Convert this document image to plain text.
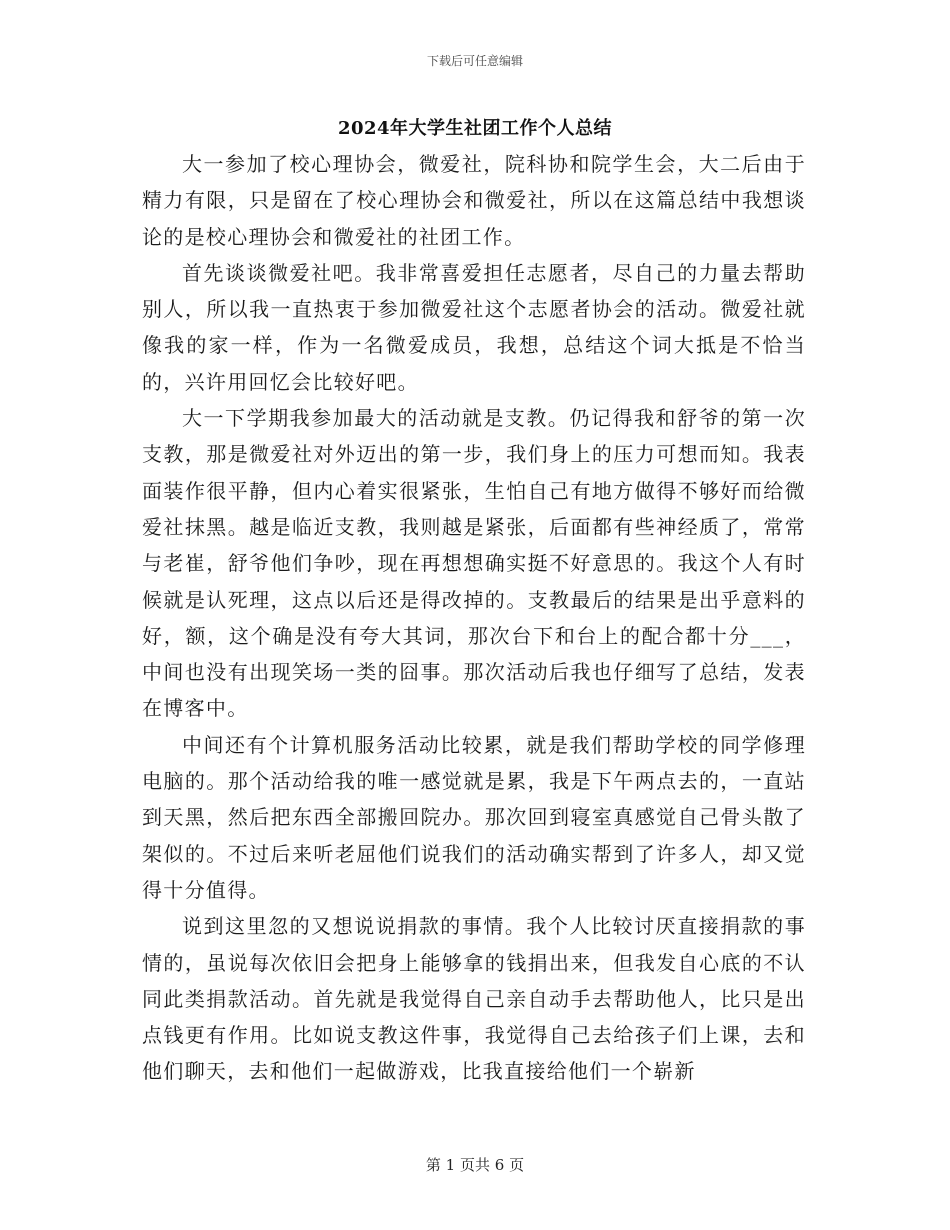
下载后可任意编辑
2024年大学生社团工作个人总结

大一参加了校心理协会，微爱社，院科协和院学生会，大二后由于精力有限，只是留在了校心理协会和微爱社，所以在这篇总结中我想谈论的是校心理协会和微爱社的社团工作。

首先谈谈微爱社吧。我非常喜爱担任志愿者，尽自己的力量去帮助别人，所以我一直热衷于参加微爱社这个志愿者协会的活动。微爱社就像我的家一样，作为一名微爱成员，我想，总结这个词大抵是不恰当的，兴许用回忆会比较好吧。

大一下学期我参加最大的活动就是支教。仍记得我和舒爷的第一次支教，那是微爱社对外迈出的第一步，我们身上的压力可想而知。我表面装作很平静，但内心着实很紧张，生怕自己有地方做得不够好而给微爱社抹黑。越是临近支教，我则越是紧张，后面都有些神经质了，常常与老崔，舒爷他们争吵，现在再想想确实挺不好意思的。我这个人有时候就是认死理，这点以后还是得改掉的。支教最后的结果是出乎意料的好，额，这个确是没有夸大其词，那次台下和台上的配合都十分___，中间也没有出现笑场一类的囧事。那次活动后我也仔细写了总结，发表在博客中。

中间还有个计算机服务活动比较累，就是我们帮助学校的同学修理电脑的。那个活动给我的唯一感觉就是累，我是下午两点去的，一直站到天黑，然后把东西全部搬回院办。那次回到寝室真感觉自己骨头散了架似的。不过后来听老屈他们说我们的活动确实帮到了许多人，却又觉得十分值得。

说到这里忽的又想说说捐款的事情。我个人比较讨厌直接捐款的事情的，虽说每次依旧会把身上能够拿的钱捐出来，但我发自心底的不认同此类捐款活动。首先就是我觉得自己亲自动手去帮助他人，比只是出点钱更有作用。比如说支教这件事，我觉得自己去给孩子们上课，去和他们聊天，去和他们一起做游戏，比我直接给他们一个崭新

第 1 页共 6 页
